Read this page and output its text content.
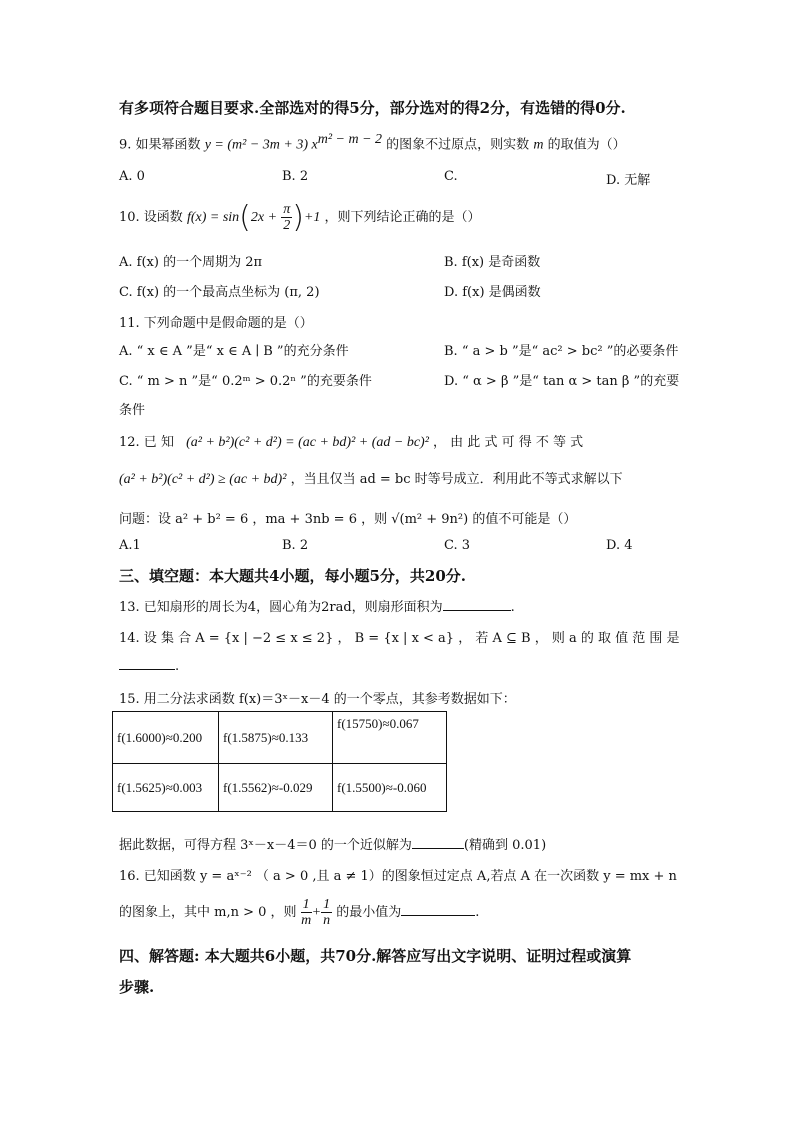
有多项符合题目要求.全部选对的得5分，部分选对的得2分，有选错的得0分.
9. 如果幂函数 y = (m² − 3m + 3) $x^{m^2 - m - 2}$ 的图象不过原点，则实数 m 的取值为（）
A. 0	B. 2	C.	D. 无解
10. 设函数 $f(x) = \sin(2x + \frac{\pi}{2} )+1$ ，则下列结论正确的是（）
A. f(x) 的一个周期为 2π	B. f(x) 是奇函数
C. f(x) 的一个最高点坐标为 (π, 2)	D. f(x) 是偶函数
11. 下列命题中是假命题的是（）
A. “ x ∈ A ”是“ x ∈ A ∣ B ”的充分条件	B. “ a > b ”是“ ac² > bc² ”的必要条件
C. “ m > n ”是“ 0.2ᵐ > 0.2ⁿ ”的充要条件	D. “ α > β ”是“ tan α > tan β ”的充要
条件
12. 已 知 (a² + b²)(c² + d²) = (ac + bd)² + (ad − bc)² ， 由 此 式 可 得 不 等 式
(a² + b²)(c² + d²) ≥ (ac + bd)² ，当且仅当 ad = bc 时等号成立．利用此不等式求解以下
问题：设 a² + b² = 6 ，ma + 3nb = 6 ，则 √(m² + 9n²) 的值不可能是（）
A.1	B. 2	C. 3	D. 4
三、填空题：本大题共4小题，每小题5分，共20分.
13. 已知扇形的周长为4，圆心角为2rad，则扇形面积为	.
14. 设 集 合 A = {x | −2 ≤ x ≤ 2} ， B = {x | x < a} ， 若 A ⊆ B ， 则 a 的 取 值 范 围 是
.
15. 用二分法求函数 f(x)＝3ˣ－x－4 的一个零点，其参考数据如下：
f(1.6000)≈0.200	f(1.5875)≈0.133	f(15750)≈0.067
f(1.5625)≈0.003	f(1.5562)≈-0.029	f(1.5500)≈-0.060
据此数据，可得方程 3ˣ－x－4＝0 的一个近似解为	(精确到 0.01)
16. 已知函数 y = aˣ⁻² （ a > 0 ,且 a ≠ 1）的图象恒过定点 A,若点 A 在一次函数 y = mx + n
的图象上，其中 m,n > 0 ，则 $\frac{1}{m} + \frac{1}{n}$ 的最小值为	.
四、解答题: 本大题共6小题，共70分.解答应写出文字说明、证明过程或演算
步骤.
